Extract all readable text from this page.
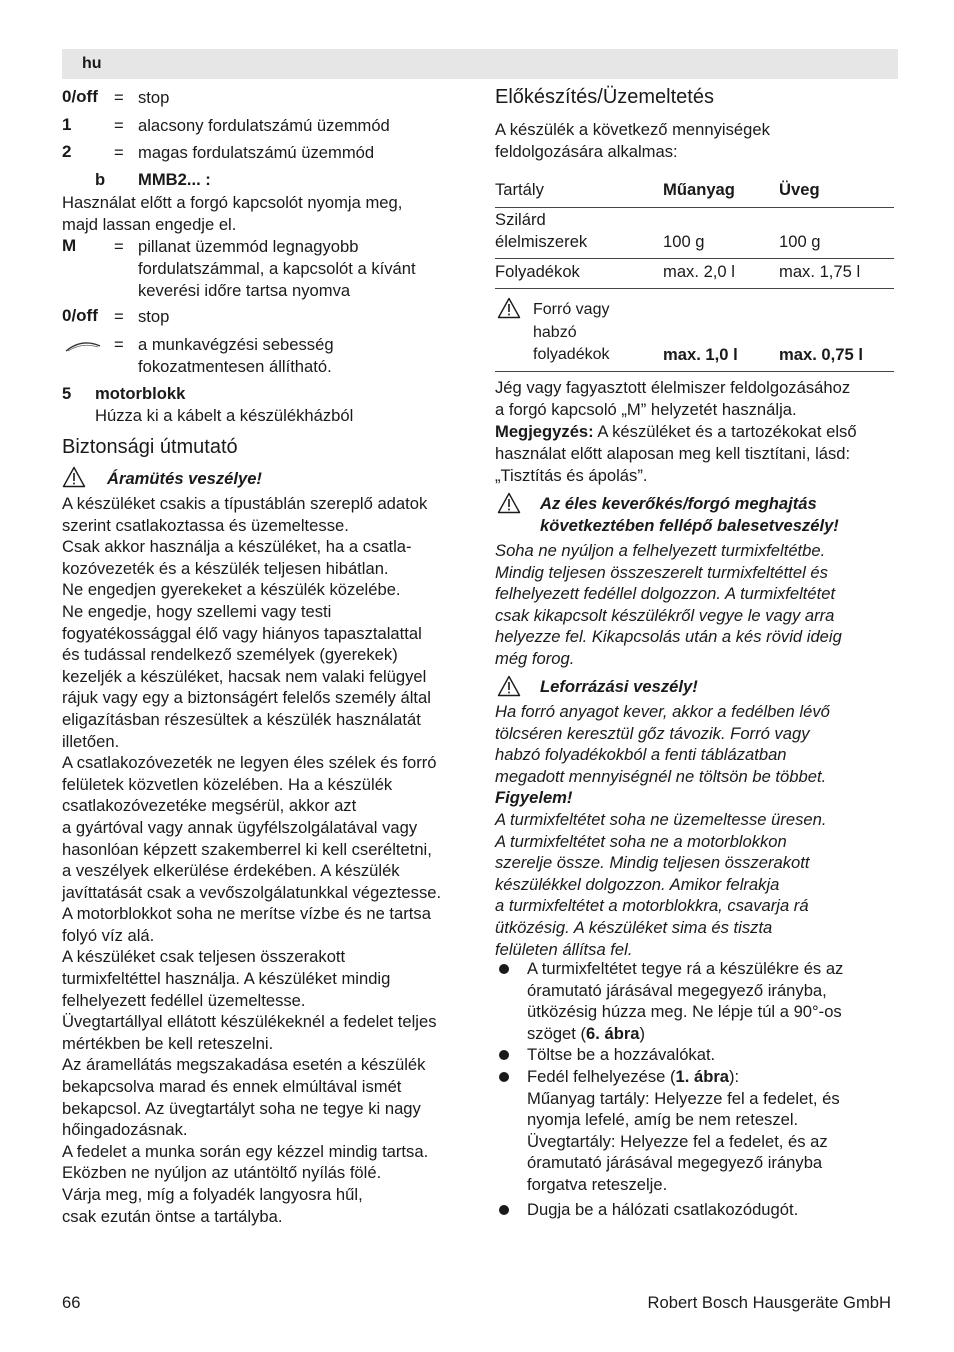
hu
0/off = stop
1	= alacsony fordulatszámú üzemmód
2	= magas fordulatszámú üzemmód
b MMB2... :
Használat előtt a forgó kapcsolót nyomja meg,
majd lassan engedje el.
M = pillanat üzemmód legnagyobb
fordulatszámmal, a kapcsolót a kívánt
keverési időre tartsa nyomva
0/off = stop
= a munkavégzési sebesség
fokozatmentesen állítható.
5 motorblokk
Húzza ki a kábelt a készülékházból
Biztonsági útmutató
Áramütés veszélye!

A készüléket csakis a típustáblán szereplő adatok

szerint csatlakoztassa és üzemeltesse.

Csak akkor használja a készüléket, ha a csatla-

kozóvezeték és a készülék teljesen hibátlan.

Ne engedjen gyerekeket a készülék közelébe.

Ne engedje, hogy szellemi vagy testi

fogyatékossággal élő vagy hiányos tapasztalattal

és tudással rendelkező személyek (gyerekek)

kezeljék a készüléket, hacsak nem valaki felügyel

rájuk vagy egy a biztonságért felelős személy által

eligazításban részesültek a készülék használatát

illetően.

A csatlakozóvezeték ne legyen éles szélek és forró

felületek közvetlen közelében. Ha a készülék

csatlakozóvezetéke megsérül, akkor azt

a gyártóval vagy annak ügyfélszolgálatával vagy

hasonlóan képzett szakemberrel ki kell cseréltetni,

a veszélyek elkerülése érdekében. A készülék

javíttatását csak a vevőszolgálatunkkal végeztesse.

A motorblokkot soha ne merítse vízbe és ne tartsa

folyó víz alá.

A készüléket csak teljesen összerakott

turmixfeltéttel használja. A készüléket mindig

felhelyezett fedéllel üzemeltesse.

Üvegtartállyal ellátott készülékeknél a fedelet teljes

mértékben be kell reteszelni.

Az áramellátás megszakadása esetén a készülék

bekapcsolva marad és ennek elmúltával ismét

bekapcsol. Az üvegtartályt soha ne tegye ki nagy

hőingadozásnak.

A fedelet a munka során egy kézzel mindig tartsa.

Eközben ne nyúljon az utántöltő nyílás fölé.

Várja meg, míg a folyadék langyosra hűl,

csak ezután öntse a tartályba.

Előkészítés/Üzemeltetés
A készülék a következő mennyiségek
feldolgozására alkalmas:
Tartály	Műanyag	Üveg
Szilárd
élelmiszerek	100 g	100 g
Folyadékok	max. 2,0 l	max. 1,75 l
Forró vagy
habzó
folyadékok	max. 1,0 l max. 0,75 l
Jég vagy fagyasztott élelmiszer feldolgozásához
a forgó kapcsoló „M” helyzetét használja.
Megjegyzés: A készüléket és a tartozékokat első
használat előtt alaposan meg kell tisztítani, lásd:
„Tisztítás és ápolás”.
Az éles keverőkés/forgó meghajtás
következtében fellépő balesetveszély!

Soha ne nyúljon a felhelyezett turmixfeltétbe.

Mindig teljesen összeszerelt turmixfeltéttel és

felhelyezett fedéllel dolgozzon. A turmixfeltétet

csak kikapcsolt készülékről vegye le vagy arra

helyezze fel. Kikapcsolás után a kés rövid ideig

még forog.

Leforrázási veszély!

Ha forró anyagot kever, akkor a fedélben lévő

tölcséren keresztül gőz távozik. Forró vagy

habzó folyadékokból a fenti táblázatban

megadott mennyiségnél ne töltsön be többet.

Figyelem!

A turmixfeltétet soha ne üzemeltesse üresen.

A turmixfeltétet soha ne a motorblokkon

szerelje össze. Mindig teljesen összerakott

készülékkel dolgozzon. Amikor felrakja

a turmixfeltétet a motorblokkra, csavarja rá

ütközésig. A készüléket sima és tiszta

felületen állítsa fel.

A turmixfeltétet tegye rá a készülékre és az

óramutató járásával megegyező irányba,

ütközésig húzza meg. Ne lépje túl a 90°-os

szöget (6. ábra)

Töltse be a hozzávalókat.

Fedél felhelyezése (1. ábra):

Műanyag tartály: Helyezze fel a fedelet, és

nyomja lefelé, amíg be nem reteszel.

Üvegtartály: Helyezze fel a fedelet, és az

óramutató járásával megegyező irányba

forgatva reteszelje.

Dugja be a hálózati csatlakozódugót.
66	Robert Bosch Hausgeräte GmbH
